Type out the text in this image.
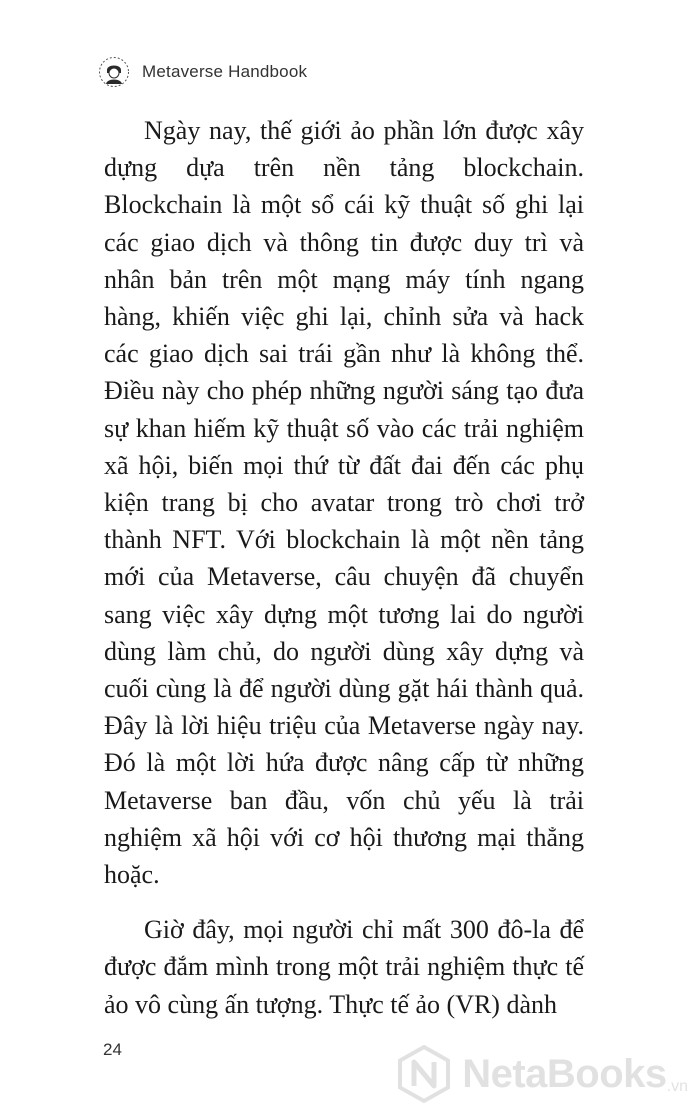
Metaverse Handbook

Ngày nay, thế giới ảo phần lớn được xây dựng dựa trên nền tảng blockchain. Blockchain là một sổ cái kỹ thuật số ghi lại các giao dịch và thông tin được duy trì và nhân bản trên một mạng máy tính ngang hàng, khiến việc ghi lại, chỉnh sửa và hack các giao dịch sai trái gần như là không thể. Điều này cho phép những người sáng tạo đưa sự khan hiếm kỹ thuật số vào các trải nghiệm xã hội, biến mọi thứ từ đất đai đến các phụ kiện trang bị cho avatar trong trò chơi trở thành NFT. Với blockchain là một nền tảng mới của Metaverse, câu chuyện đã chuyển sang việc xây dựng một tương lai do người dùng làm chủ, do người dùng xây dựng và cuối cùng là để người dùng gặt hái thành quả. Đây là lời hiệu triệu của Metaverse ngày nay. Đó là một lời hứa được nâng cấp từ những Metaverse ban đầu, vốn chủ yếu là trải nghiệm xã hội với cơ hội thương mại thẳng hoặc.

Giờ đây, mọi người chỉ mất 300 đô-la để được đắm mình trong một trải nghiệm thực tế ảo vô cùng ấn tượng. Thực tế ảo (VR) dành

24
NetaBooks .vn
